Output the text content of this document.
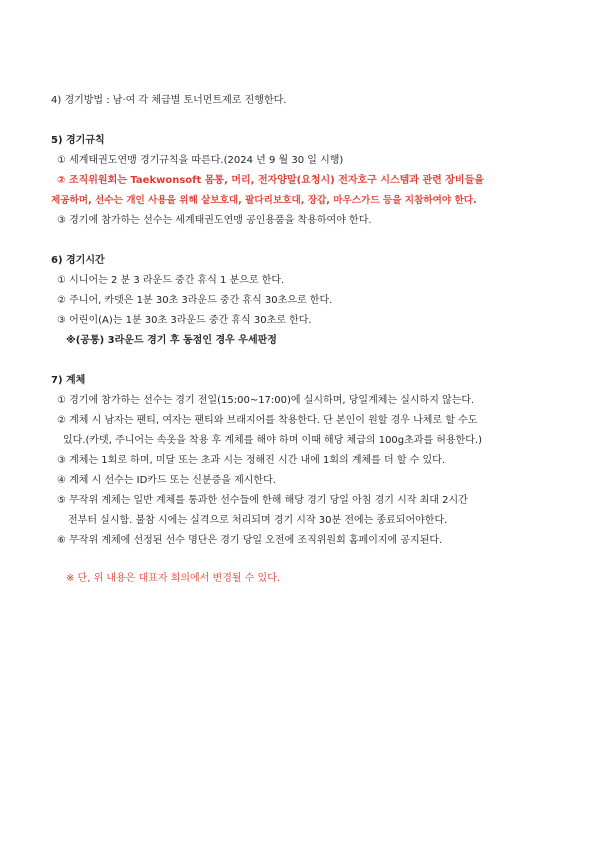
4) 경기방법 : 남·여 각 체급별 토너먼트제로 진행한다.
5) 경기규칙
① 세계태권도연맹 경기규칙을 따른다.(2024 년 9 월 30 일 시행)
② 조직위원회는 Taekwonsoft 몸통, 머리, 전자양말(요청시) 전자호구 시스템과 관련 장비들을
제공하며, 선수는 개인 사용을 위해 샅보호대, 팔다리보호대, 장갑, 마우스가드 등을 지참하여야 한다.
③ 경기에 참가하는 선수는 세계태권도연맹 공인용품을 착용하여야 한다.
6) 경기시간
① 시니어는 2 분 3 라운드 중간 휴식 1 분으로 한다.
② 주니어, 카뎃은 1분 30초 3라운드 중간 휴식 30초으로 한다.
③ 어린이(A)는 1분 30초 3라운드 중간 휴식 30초로 한다.
※(공통) 3라운드 경기 후 동점인 경우 우세판정
7) 계체
① 경기에 참가하는 선수는 경기 전일(15:00~17:00)에 실시하며, 당일계체는 실시하지 않는다.
② 계체 시 남자는 팬티, 여자는 팬티와 브래지어를 착용한다. 단 본인이 원할 경우 나체로 할 수도
있다.(카뎃, 주니어는 속옷을 착용 후 계체를 해야 하며 이때 해당 체급의 100g초과를 허용한다.)
③ 계체는 1회로 하며, 미달 또는 초과 시는 정해진 시간 내에 1회의 계체를 더 할 수 있다.
④ 계체 시 선수는 ID카드 또는 신분증을 제시한다.
⑤ 무작위 계체는 일반 계체를 통과한 선수들에 한해 해당 경기 당일 아침 경기 시작 최대 2시간
전부터 실시함. 불참 시에는 실격으로 처리되며 경기 시작 30분 전에는 종료되어야한다.
⑥ 무작위 계체에 선정된 선수 명단은 경기 당일 오전에 조직위원회 홈페이지에 공지된다.
※ 단, 위 내용은 대표자 회의에서 변경될 수 있다.
